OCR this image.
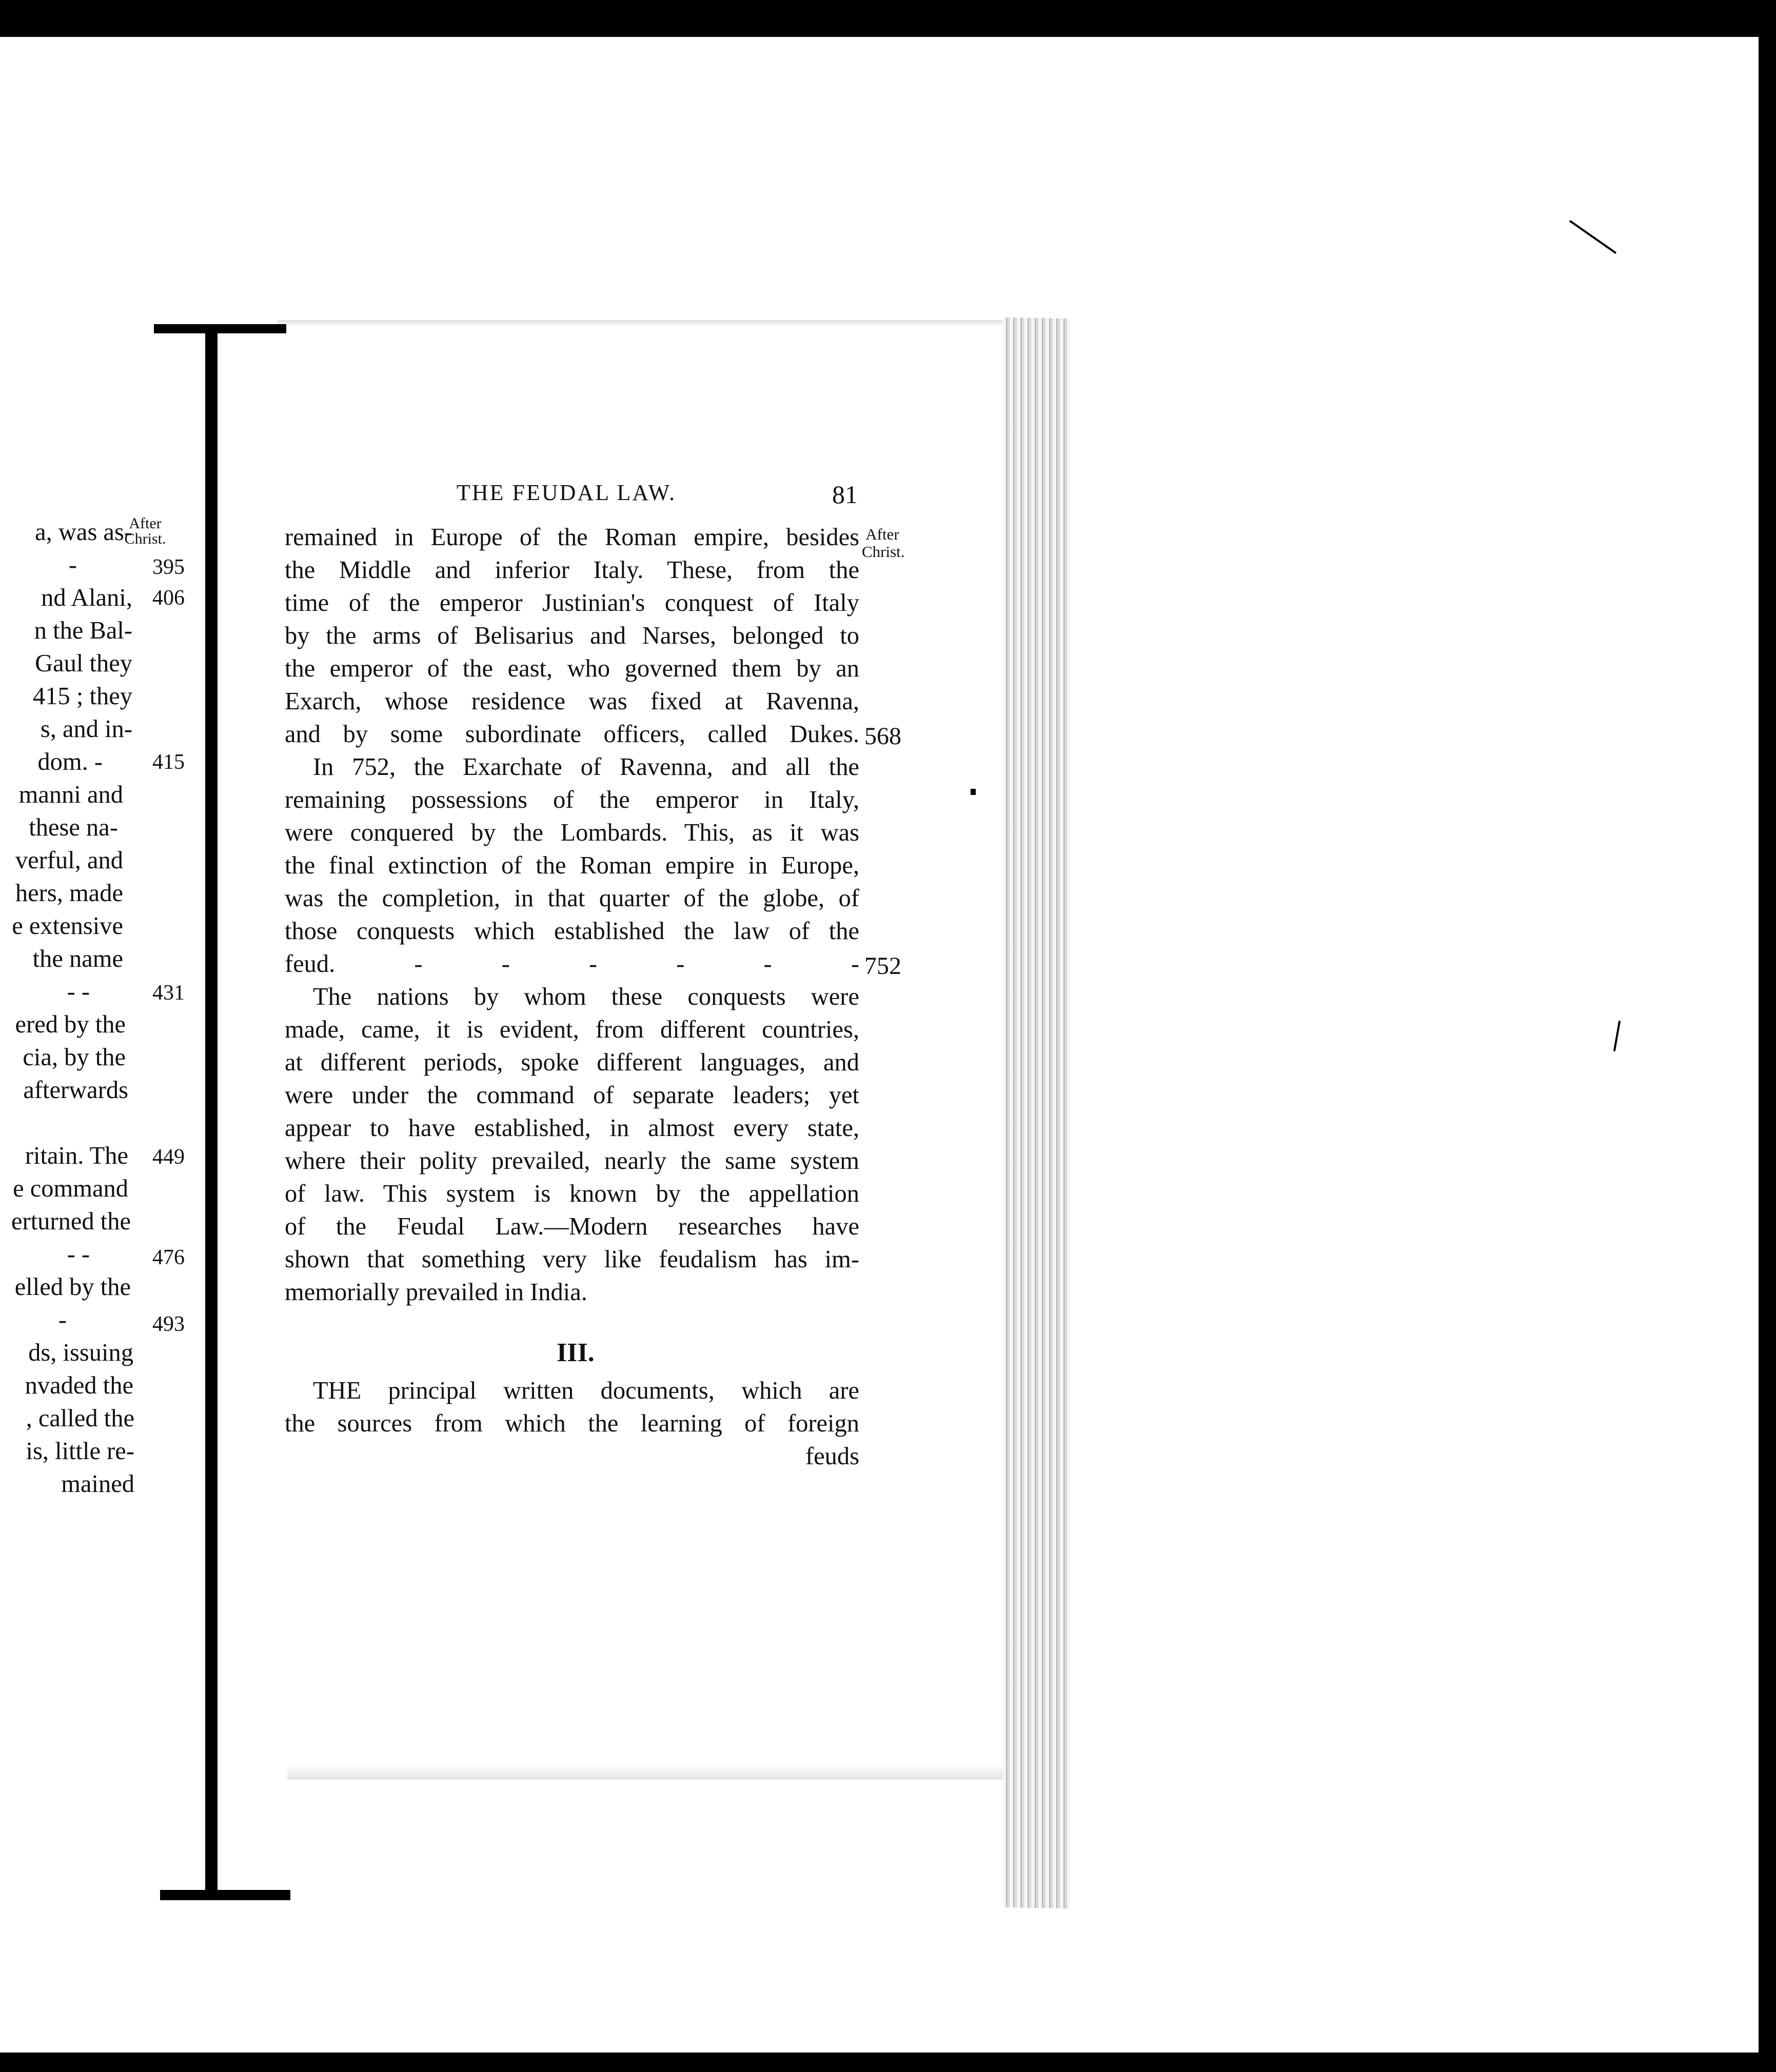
After Christ.
a, was as-
-
nd Alani,
n the Bal-
Gaul they
415 ; they
s, and in-
dom. -
manni and
these na-
verful, and
hers, made
e extensive
the name
- -
ered by the
cia, by the
afterwards
ritain. The
e command
erturned the
- -
elled by the
-
ds, issuing
nvaded the
, called the
is, little re-
mained
395
406
415
431
449
476
493
THE FEUDAL LAW.	81
After Christ.
remained in Europe of the Roman empire, besides
the Middle and inferior Italy. These, from the
time of the emperor Justinian's conquest of Italy
by the arms of Belisarius and Narses, belonged to
the emperor of the east, who governed them by an
Exarch, whose residence was fixed at Ravenna,
and by some subordinate officers, called Dukes.
In 752, the Exarchate of Ravenna, and all the
remaining possessions of the emperor in Italy,
were conquered by the Lombards. This, as it was
the final extinction of the Roman empire in Europe,
was the completion, in that quarter of the globe, of
those conquests which established the law of the
feud. - - - - - -
The nations by whom these conquests were
made, came, it is evident, from different countries,
at different periods, spoke different languages, and
were under the command of separate leaders; yet
appear to have established, in almost every state,
where their polity prevailed, nearly the same system
of law. This system is known by the appellation
of the Feudal Law.—Modern researches have
shown that something very like feudalism has im-
memorially prevailed in India.
III.
THE principal written documents, which are
the sources from which the learning of foreign
feuds
568
752
